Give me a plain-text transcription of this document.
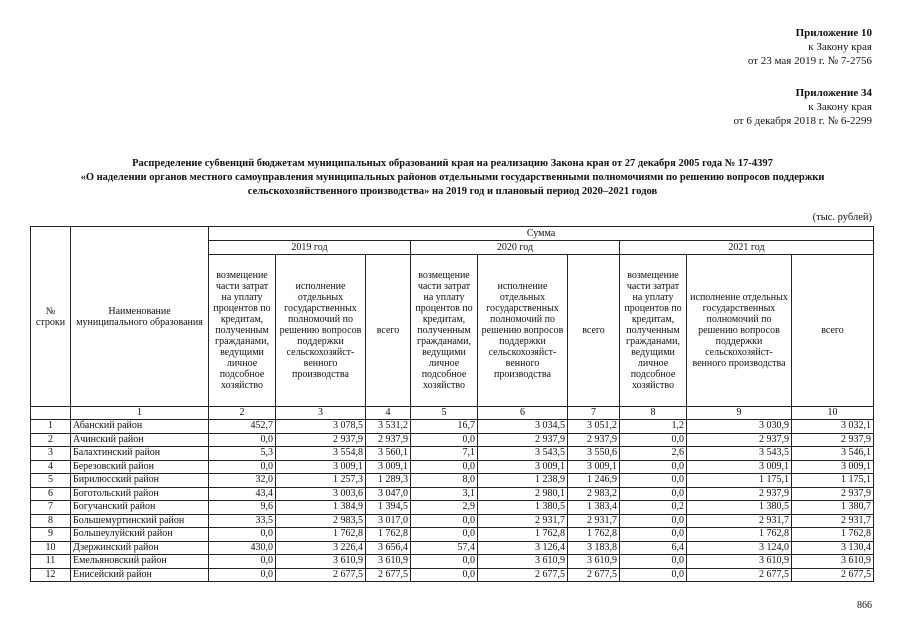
Приложение 10
к Закону края
от 23 мая 2019 г. № 7-2756
Приложение 34
к Закону края
от 6 декабря 2018 г. № 6-2299
Распределение субвенций бюджетам муниципальных образований края на реализацию Закона края от 27 декабря 2005 года № 17-4397
«О наделении органов местного самоуправления муниципальных районов отдельными государственными полномочиями по решению вопросов поддержки
сельскохозяйственного производства» на 2019 год и плановый период 2020–2021 годов
(тыс. рублей)
№ строки	Наименование муниципального образования	Сумма								
		2019 год			2020 год			2021 год		
		возмещение части затрат на уплату процентов по кредитам, полученным гражданами, ведущими личное подсобное хозяйство	исполнение отдельных государственных полномочий по решению вопросов поддержки сельскохозяйст-венного производства	всего	возмещение части затрат на уплату процентов по кредитам, полученным гражданами, ведущими личное подсобное хозяйство	исполнение отдельных государственных полномочий по решению вопросов поддержки сельскохозяйст-венного производства	всего	возмещение части затрат на уплату процентов по кредитам, полученным гражданами, ведущими личное подсобное хозяйство	исполнение отдельных государственных полномочий по решению вопросов поддержки сельскохозяйст-венного производства	всего
	1	2	3	4	5	6	7	8	9	10
1	Абанский район	452,7	3 078,5	3 531,2	16,7	3 034,5	3 051,2	1,2	3 030,9	3 032,1
2	Ачинский район	0,0	2 937,9	2 937,9	0,0	2 937,9	2 937,9	0,0	2 937,9	2 937,9
3	Балахтинский район	5,3	3 554,8	3 560,1	7,1	3 543,5	3 550,6	2,6	3 543,5	3 546,1
4	Березовский район	0,0	3 009,1	3 009,1	0,0	3 009,1	3 009,1	0,0	3 009,1	3 009,1
5	Бирилюсский район	32,0	1 257,3	1 289,3	8,0	1 238,9	1 246,9	0,0	1 175,1	1 175,1
6	Боготольский район	43,4	3 003,6	3 047,0	3,1	2 980,1	2 983,2	0,0	2 937,9	2 937,9
7	Богучанский район	9,6	1 384,9	1 394,5	2,9	1 380,5	1 383,4	0,2	1 380,5	1 380,7
8	Большемуртинский район	33,5	2 983,5	3 017,0	0,0	2 931,7	2 931,7	0,0	2 931,7	2 931,7
9	Большеулуйский район	0,0	1 762,8	1 762,8	0,0	1 762,8	1 762,8	0,0	1 762,8	1 762,8
10	Дзержинский район	430,0	3 226,4	3 656,4	57,4	3 126,4	3 183,8	6,4	3 124,0	3 130,4
11	Емельяновский район	0,0	3 610,9	3 610,9	0,0	3 610,9	3 610,9	0,0	3 610,9	3 610,9
12	Енисейский район	0,0	2 677,5	2 677,5	0,0	2 677,5	2 677,5	0,0	2 677,5	2 677,5
866
